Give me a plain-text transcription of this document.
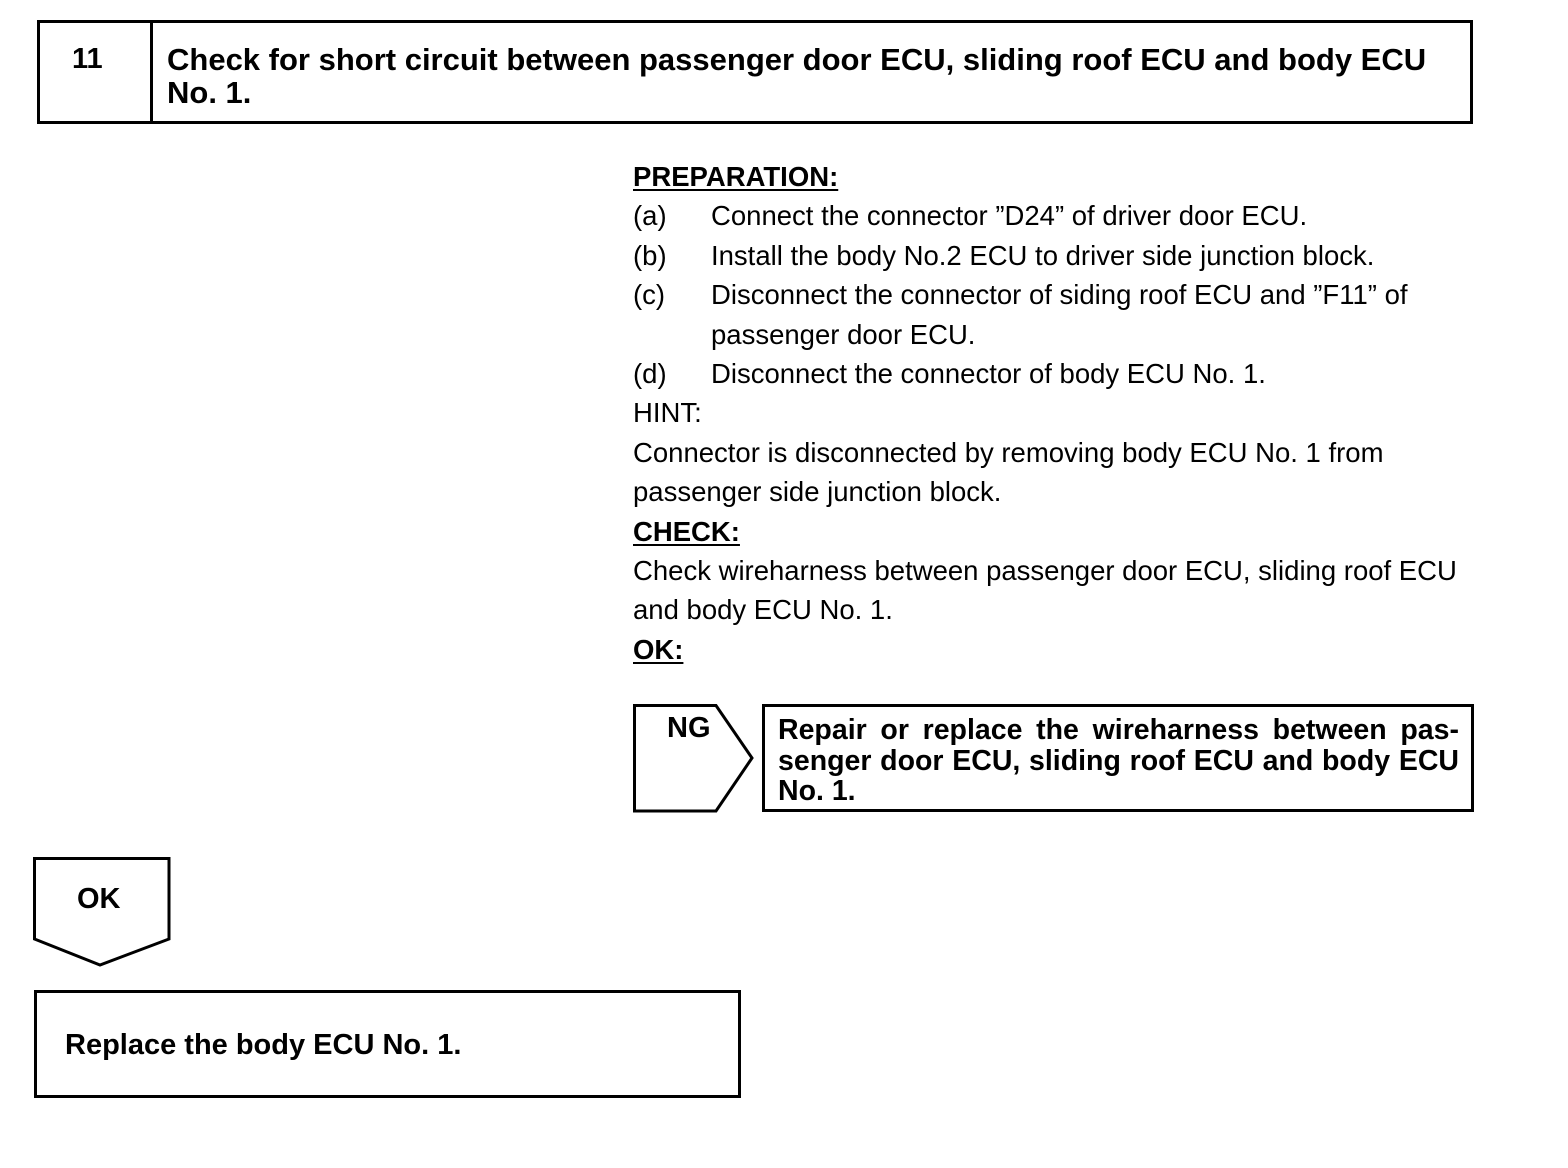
11	Check for short circuit between passenger door ECU, sliding roof ECU and body ECU No. 1.
PREPARATION:
(a)	Connect the connector ”D24” of driver door ECU.
(b)	Install the body No.2 ECU to driver side junction block.
(c)	Disconnect the connector of siding roof ECU and ”F11” of passenger door ECU.
(d)	Disconnect the connector of body ECU No. 1.
HINT:
Connector is disconnected by removing body ECU No. 1 from passenger side junction block.
CHECK:
Check wireharness between passenger door ECU, sliding roof ECU and body ECU No. 1.
OK:
NG	Repair or replace the wireharness between pas-senger door ECU, sliding roof ECU and body ECU No. 1.
OK
Replace the body ECU No. 1.
